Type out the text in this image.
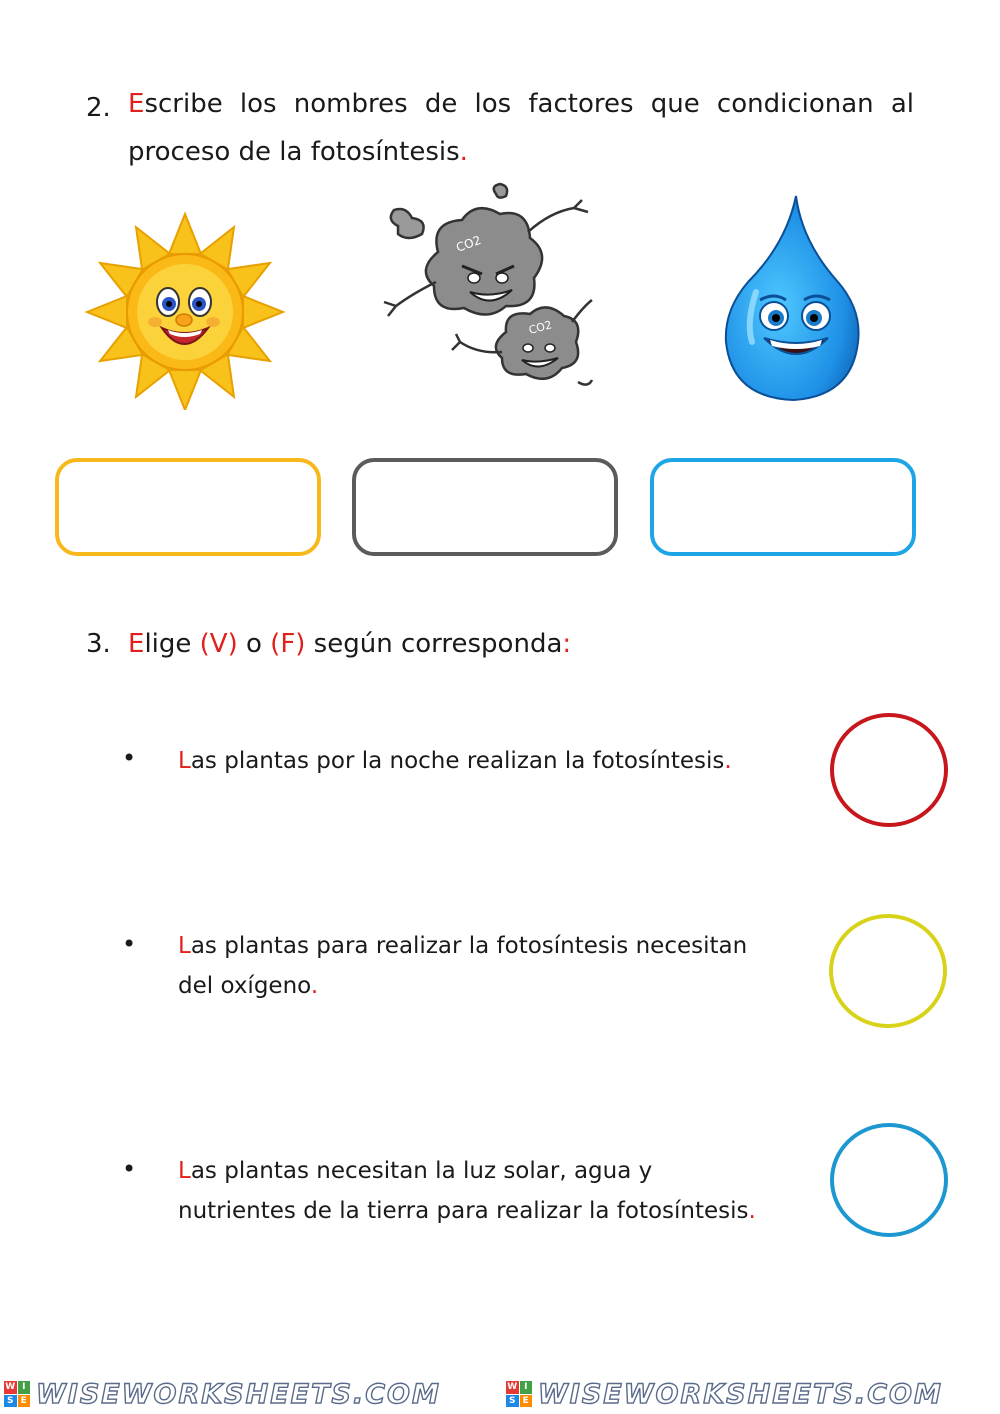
2. Escribe los nombres de los factores que condicionan al
proceso de la fotosíntesis.
CO2
CO2
3. Elige (V) o (F) según corresponda:
• Las plantas por la noche realizan la fotosíntesis.
• Las plantas para realizar la fotosíntesis necesitan
del oxígeno.
• Las plantas necesitan la luz solar, agua y
nutrientes de la tierra para realizar la fotosíntesis.
W I
S E WISEWORKSHEETS.COM	W I
S E WISEWORKSHEETS.COM
